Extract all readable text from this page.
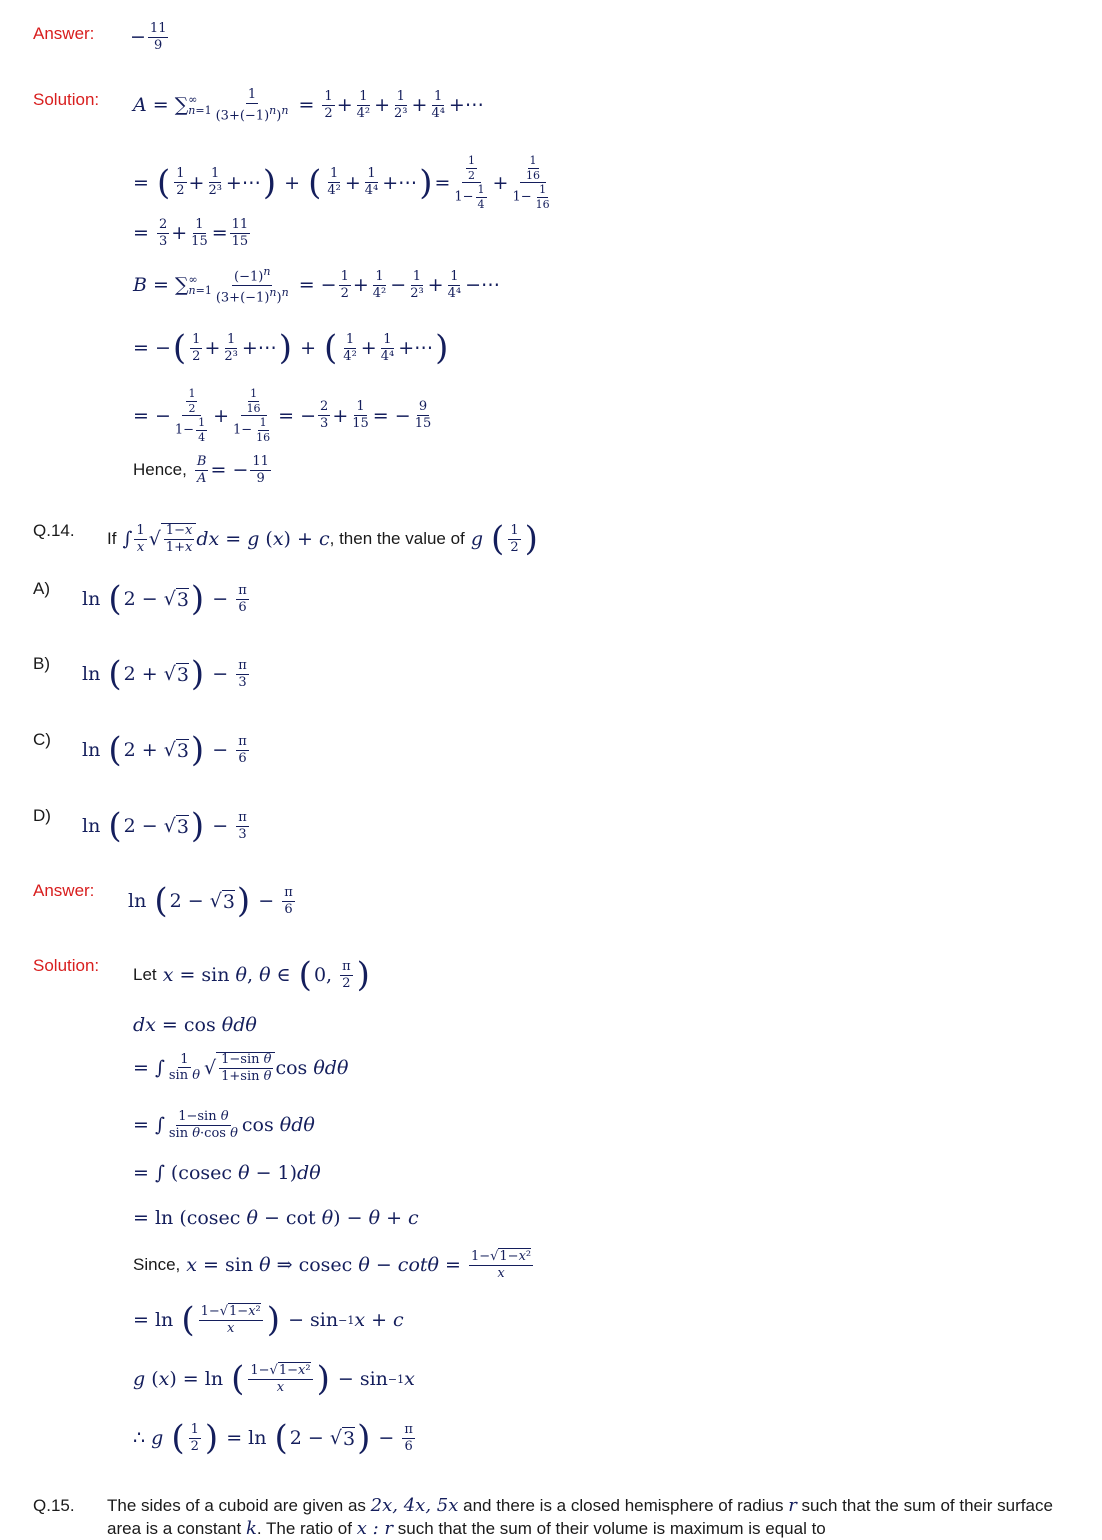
Answer: − 11
9
Solution: A = ∑ ∞
n=1
1
$(3+(-1)^n)^n = 1$
2 + 1
4² + 1
2³ + 1
4⁴ +⋯
= ( 1
2 + 1
2³ +⋯ ) + ( 1
4² + 1
4⁴ +⋯ ) =
$\frac{1}{2}$
$1- \frac{1}{4}$
+
$\frac{1}{16}$
$1- \frac{1}{16}$
= 2
3 + 1
15 = 11
15
B = ∑ ∞
n=1
$(-1)^n$
$(3+(-1)^n)^n$ = − 1
2 + 1
4² − 1
2³ + 1
4⁴ −⋯
= − ( 1
2 + 1
2³ +⋯ ) + ( 1
4² + 1
4⁴ +⋯ )
= −
$\frac{1}{2}$
$1- \frac{1}{4}$
+
$\frac{1}{16}$
$1- \frac{1}{16}$
= − 2
3 + 1
15 = − 9
15
Hence,
B
A = − 11
9
Q.14. If ∫ 1
x √ $\frac{1-x}{1+x}$ dx = g ( x ) + c , then the value of
g
( 1
2 )
A) ln ( 2 − √ 3 ) − π
6
B) ln ( 2 + √ 3 ) − π
3
C) ln ( 2 + √ 3 ) − π
6
D) ln ( 2 − √ 3 ) − π
3
Answer: ln ( 2 − √ 3 ) − π
6
Solution: Let
x = sin θ , θ ∈ ( 0, π
2 )
dx = cos θ dθ
= ∫ 1
sin θ √ $\frac{\text{1−sin θ}}{\text{1+sin θ}}$ cos θ dθ
= ∫ 1−sin θ
sin θ·cos θ cos θ dθ
= ∫ (cosec θ − 1) dθ
= ln (cosec θ − cot θ ) − θ + c
Since,
x = sin θ ⇒ cosec θ − cotθ = 1−√1−x²
x
= ln ( 1−√1−x²
x ) − sin −1 x + c
g ( x ) = ln ( 1−√1−x²
x ) − sin −1 x
∴ g
( 1
2 ) = ln ( 2 − √ 3 ) − π
6
Q.15. The sides of a cuboid are given as 2x, 4x, 5x and there is a closed hemisphere of radius r such that the sum of their surface
area is a constant k . The ratio of x : r such that the sum of their volume is maximum is equal to
